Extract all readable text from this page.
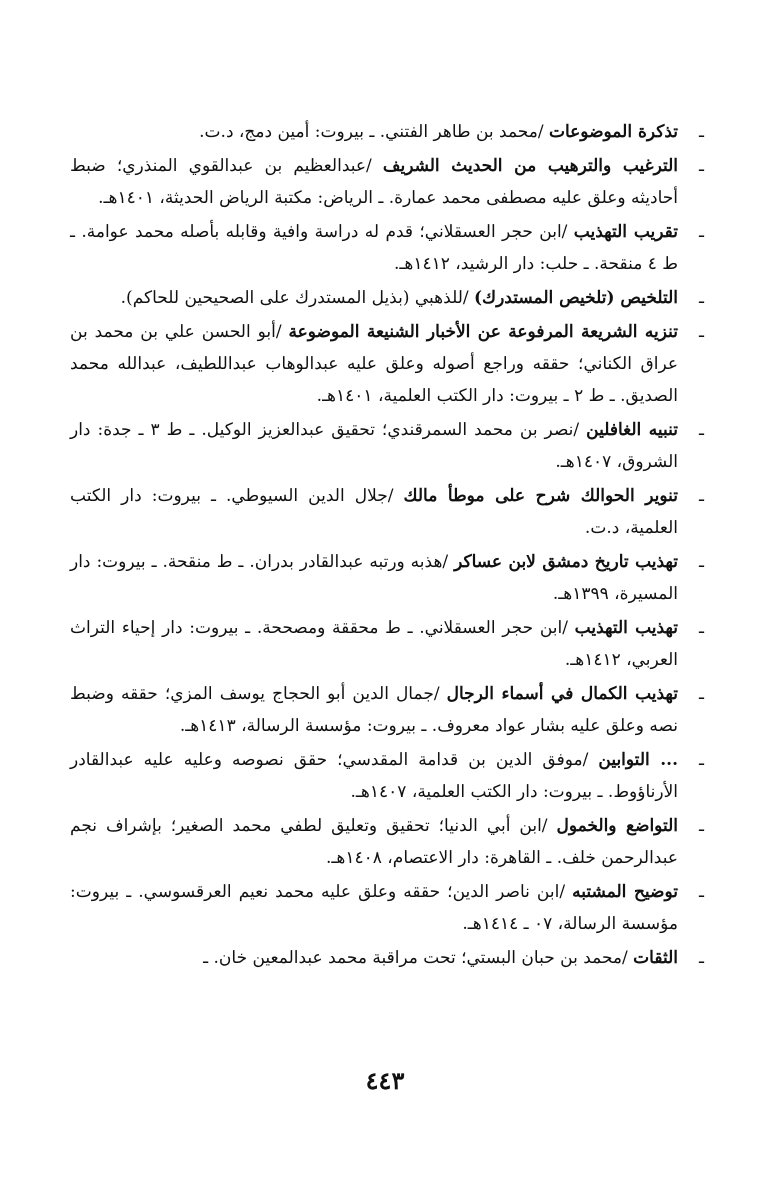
ـ
تذكرة الموضوعات /محمد بن طاهر الفتني. ـ بيروت: أمين دمج، د.ت.
ـ
الترغيب والترهيب من الحديث الشريف /عبدالعظيم بن عبدالقوي المنذري؛ ضبط أحاديثه وعلق عليه مصطفى محمد عمارة. ـ الرياض: مكتبة الرياض الحديثة، ١٤٠١هـ.
ـ
تقريب التهذيب /ابن حجر العسقلاني؛ قدم له دراسة وافية وقابله بأصله محمد عوامة. ـ ط ٤ منقحة. ـ حلب: دار الرشيد، ١٤١٢هـ.
ـ
التلخيص (تلخيص المستدرك) /للذهبي (بذيل المستدرك على الصحيحين للحاكم).
ـ
تنزيه الشريعة المرفوعة عن الأخبار الشنيعة الموضوعة /أبو الحسن علي بن محمد بن عراق الكناني؛ حققه وراجع أصوله وعلق عليه عبدالوهاب عبداللطيف، عبدالله محمد الصديق. ـ ط ٢ ـ بيروت: دار الكتب العلمية، ١٤٠١هـ.
ـ
تنبيه الغافلين /نصر بن محمد السمرقندي؛ تحقيق عبدالعزيز الوكيل. ـ ط ٣ ـ جدة: دار الشروق، ١٤٠٧هـ.
ـ
تنوير الحوالك شرح على موطأ مالك /جلال الدين السيوطي. ـ بيروت: دار الكتب العلمية، د.ت.
ـ
تهذيب تاريخ دمشق لابن عساكر /هذبه ورتبه عبدالقادر بدران. ـ ط منقحة. ـ بيروت: دار المسيرة، ١٣٩٩هـ.
ـ
تهذيب التهذيب /ابن حجر العسقلاني. ـ ط محققة ومصححة. ـ بيروت: دار إحياء التراث العربي، ١٤١٢هـ.
ـ
تهذيب الكمال في أسماء الرجال /جمال الدين أبو الحجاج يوسف المزي؛ حققه وضبط نصه وعلق عليه بشار عواد معروف. ـ بيروت: مؤسسة الرسالة، ١٤١٣هـ.
ـ
... التوابين /موفق الدين بن قدامة المقدسي؛ حقق نصوصه وعليه عليه عبدالقادر الأرناؤوط. ـ بيروت: دار الكتب العلمية، ١٤٠٧هـ.
ـ
التواضع والخمول /ابن أبي الدنيا؛ تحقيق وتعليق لطفي محمد الصغير؛ بإشراف نجم عبدالرحمن خلف. ـ القاهرة: دار الاعتصام، ١٤٠٨هـ.
ـ
توضيح المشتبه /ابن ناصر الدين؛ حققه وعلق عليه محمد نعيم العرقسوسي. ـ بيروت: مؤسسة الرسالة، ٠٧ ـ ١٤١٤هـ.
ـ
الثقات /محمد بن حبان البستي؛ تحت مراقبة محمد عبدالمعين خان. ـ
٤٤٣
